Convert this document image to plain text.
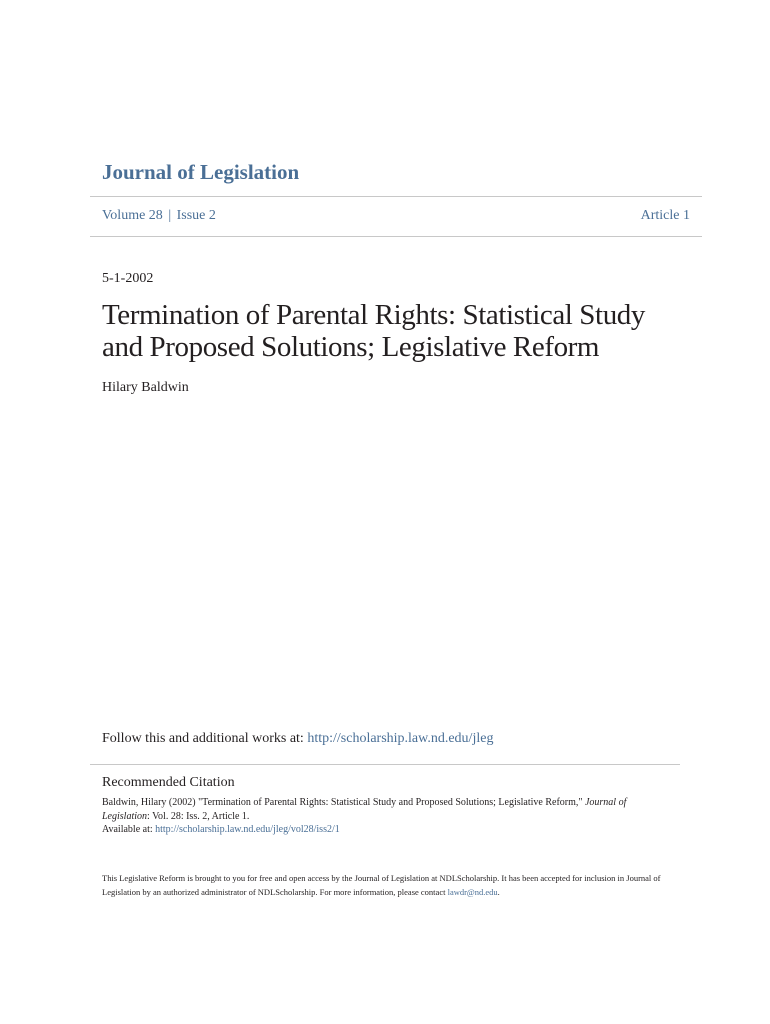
Journal of Legislation
Volume 28 | Issue 2	Article 1
5-1-2002
Termination of Parental Rights: Statistical Study
and Proposed Solutions; Legislative Reform
Hilary Baldwin
Follow this and additional works at: http://scholarship.law.nd.edu/jleg
Recommended Citation
Baldwin, Hilary (2002) "Termination of Parental Rights: Statistical Study and Proposed Solutions; Legislative Reform," Journal of Legislation: Vol. 28: Iss. 2, Article 1.
Available at: http://scholarship.law.nd.edu/jleg/vol28/iss2/1
This Legislative Reform is brought to you for free and open access by the Journal of Legislation at NDLScholarship. It has been accepted for inclusion in Journal of Legislation by an authorized administrator of NDLScholarship. For more information, please contact lawdr@nd.edu.
